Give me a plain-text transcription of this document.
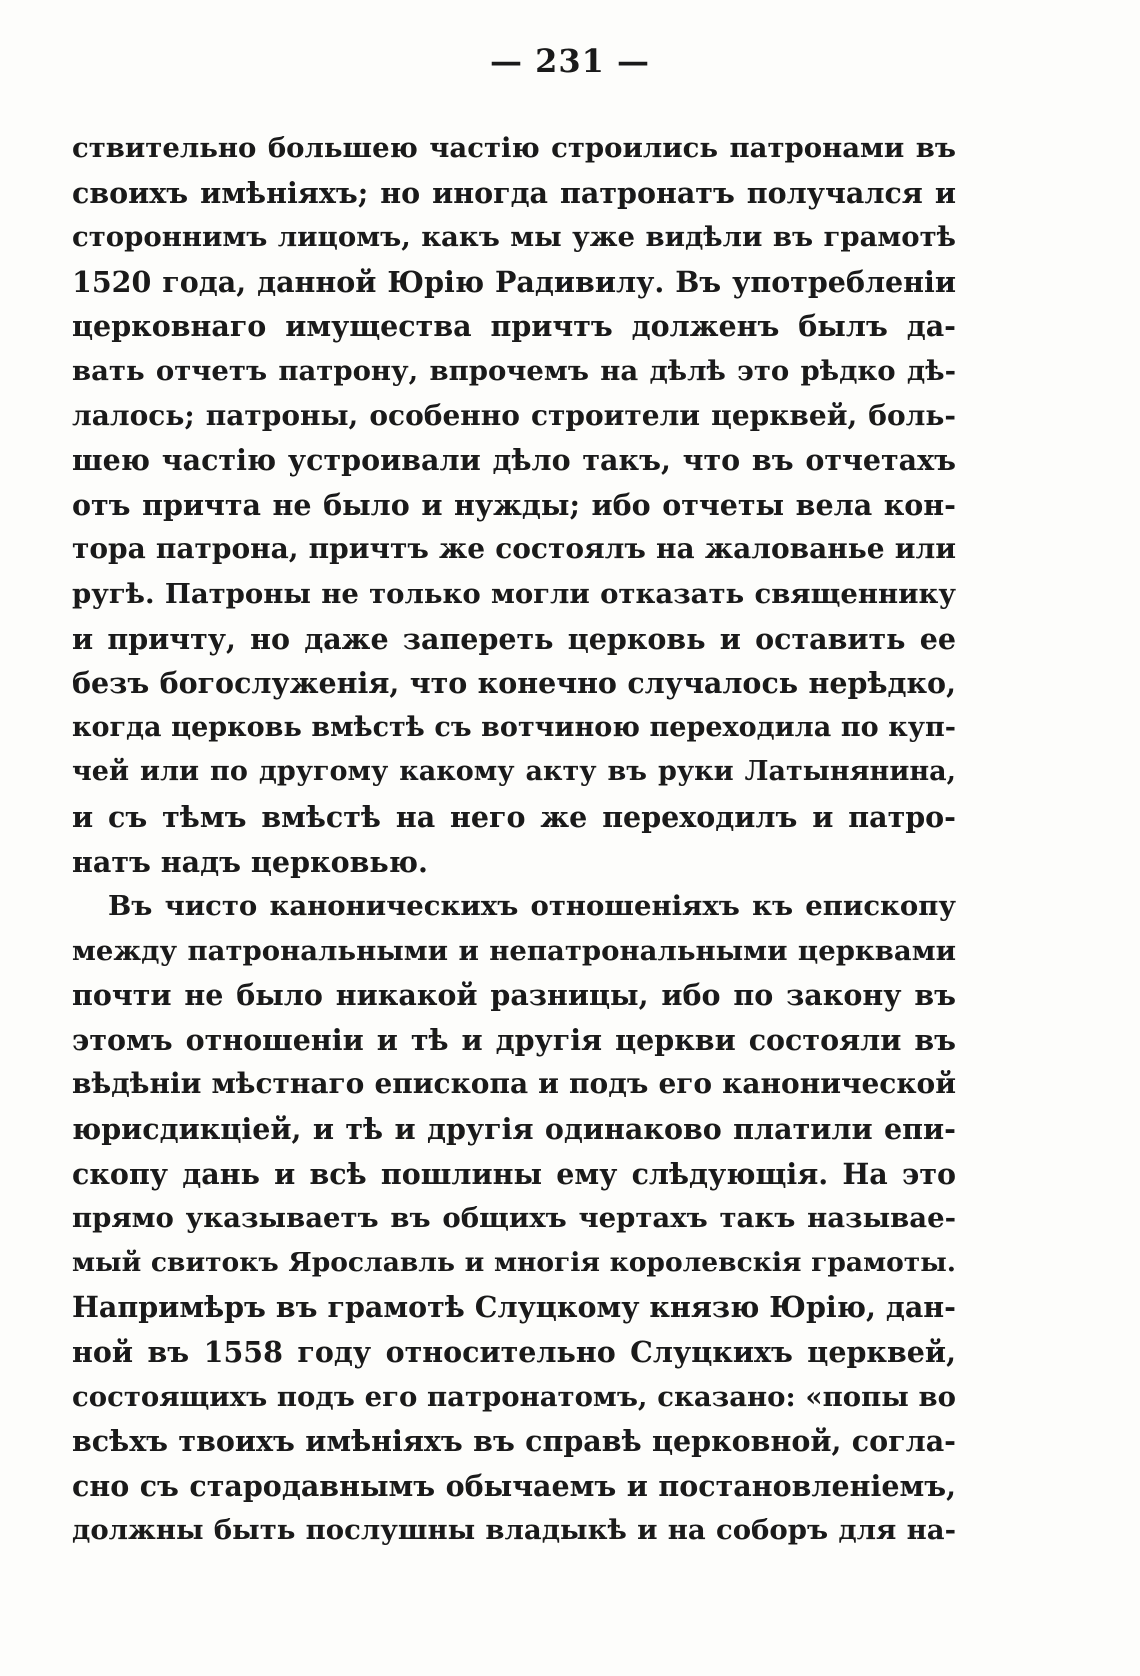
— 231 —
ствительно большею частію строились патронами въ
своихъ имѣніяхъ; но иногда патронатъ получался и
стороннимъ лицомъ, какъ мы уже видѣли въ грамотѣ
1520 года, данной Юрію Радивилу. Въ употребленіи
церковнаго имущества причтъ долженъ былъ да-
вать отчетъ патрону, впрочемъ на дѣлѣ это рѣдко дѣ-
лалось; патроны, особенно строители церквей, боль-
шею частію устроивали дѣло такъ, что въ отчетахъ
отъ причта не было и нужды; ибо отчеты вела кон-
тора патрона, причтъ же состоялъ на жалованье или
ругѣ. Патроны не только могли отказать священнику
и причту, но даже запереть церковь и оставить ее
безъ богослуженія, что конечно случалось нерѣдко,
когда церковь вмѣстѣ съ вотчиною переходила по куп-
чей или по другому какому акту въ руки Латынянина,
и съ тѣмъ вмѣстѣ на него же переходилъ и патро-
натъ надъ церковью.
Въ чисто каноническихъ отношеніяхъ къ епископу
между патрональными и непатрональными церквами
почти не было никакой разницы, ибо по закону въ
этомъ отношеніи и тѣ и другія церкви состояли въ
вѣдѣніи мѣстнаго епископа и подъ его канонической
юрисдикціей, и тѣ и другія одинаково платили епи-
скопу дань и всѣ пошлины ему слѣдующія. На это
прямо указываетъ въ общихъ чертахъ такъ называе-
мый свитокъ Ярославль и многія королевскія грамоты.
Напримѣръ въ грамотѣ Слуцкому князю Юрію, дан-
ной въ 1558 году относительно Слуцкихъ церквей,
состоящихъ подъ его патронатомъ, сказано: «попы во
всѣхъ твоихъ имѣніяхъ въ справѣ церковной, согла-
сно съ стародавнымъ обычаемъ и постановленіемъ,
должны быть послушны владыкѣ и на соборъ для на-
